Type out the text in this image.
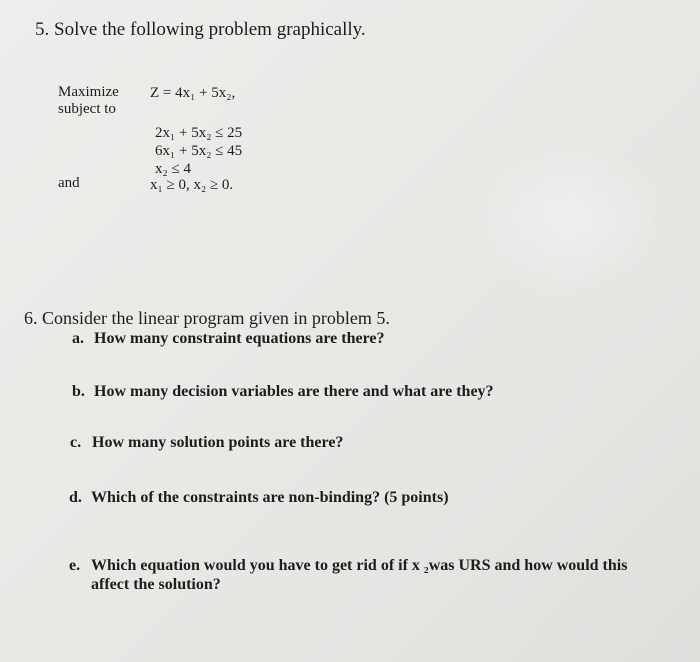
5. Solve the following problem graphically.
Maximize
subject to
and
Z = 4x₁ + 5x₂,
2x₁ + 5x₂ ≤ 25
6x₁ + 5x₂ ≤ 45
x₂ ≤ 4
x₁ ≥ 0, x₂ ≥ 0.
6. Consider the linear program given in problem 5.
a. How many constraint equations are there?
b. How many decision variables are there and what are they?
c. How many solution points are there?
d. Which of the constraints are non-binding? (5 points)
e. Which equation would you have to get rid of if x ₂was URS and how would this
affect the solution?
